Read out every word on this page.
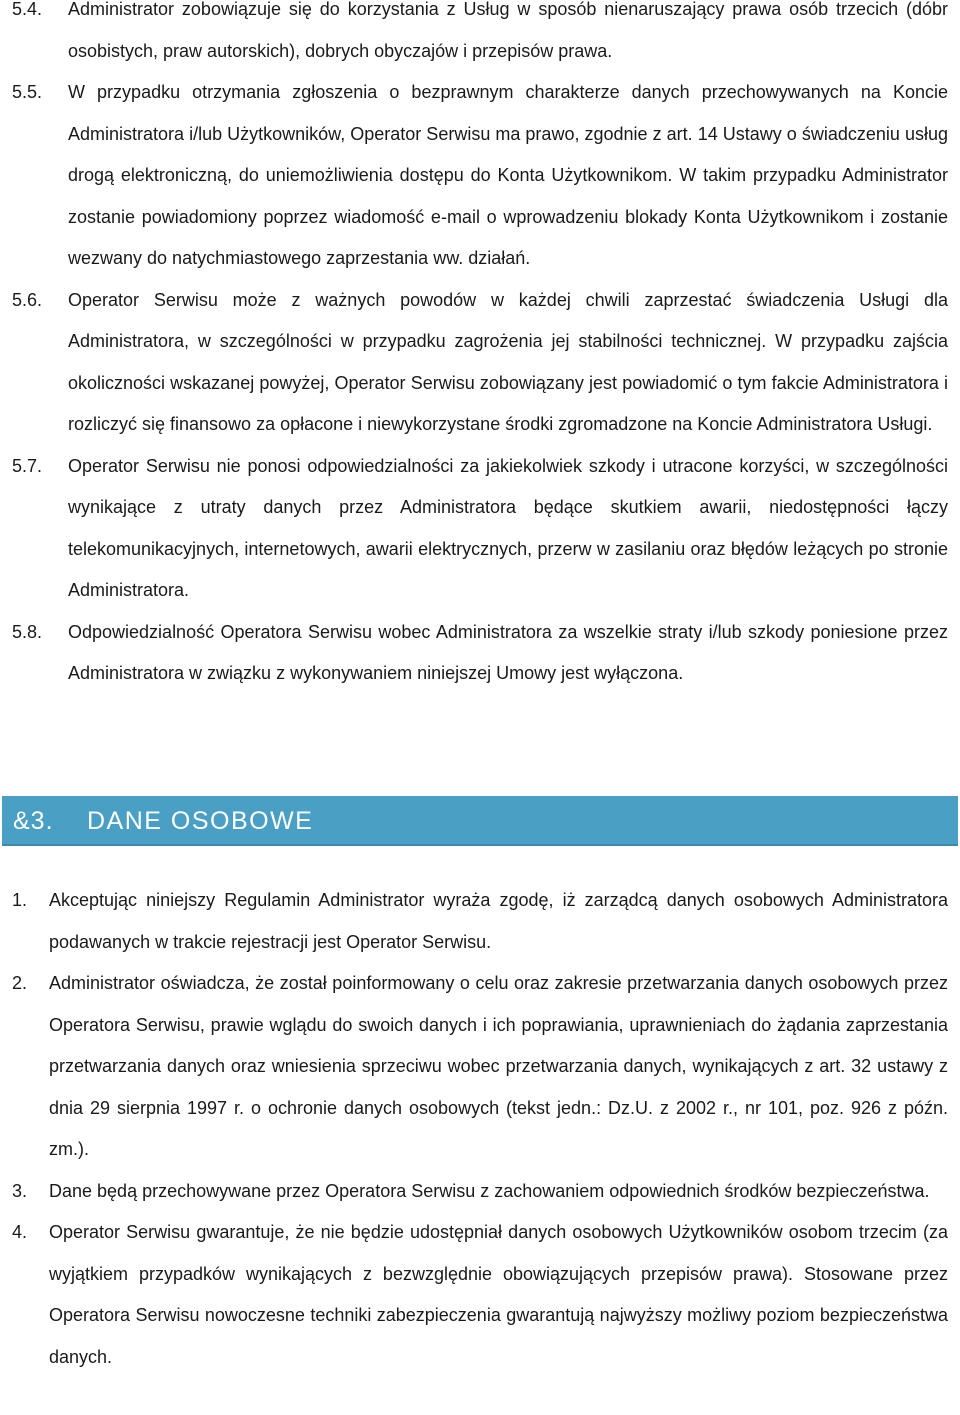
5.4. Administrator zobowiązuje się do korzystania z Usług w sposób nienaruszający prawa osób trzecich (dóbr osobistych, praw autorskich), dobrych obyczajów i przepisów prawa.
5.5. W przypadku otrzymania zgłoszenia o bezprawnym charakterze danych przechowywanych na Koncie Administratora i/lub Użytkowników, Operator Serwisu ma prawo, zgodnie z art. 14 Ustawy o świadczeniu usług drogą elektroniczną, do uniemożliwienia dostępu do Konta Użytkownikom. W takim przypadku Administrator zostanie powiadomiony poprzez wiadomość e-mail o wprowadzeniu blokady Konta Użytkownikom i zostanie wezwany do natychmiastowego zaprzestania ww. działań.
5.6. Operator Serwisu może z ważnych powodów w każdej chwili zaprzestać świadczenia Usługi dla Administratora, w szczególności w przypadku zagrożenia jej stabilności technicznej. W przypadku zajścia okoliczności wskazanej powyżej, Operator Serwisu zobowiązany jest powiadomić o tym fakcie Administratora i rozliczyć się finansowo za opłacone i niewykorzystane środki zgromadzone na Koncie Administratora Usługi.
5.7. Operator Serwisu nie ponosi odpowiedzialności za jakiekolwiek szkody i utracone korzyści, w szczególności wynikające z utraty danych przez Administratora będące skutkiem awarii, niedostępności łączy telekomunikacyjnych, internetowych, awarii elektrycznych, przerw w zasilaniu oraz błędów leżących po stronie Administratora.
5.8. Odpowiedzialność Operatora Serwisu wobec Administratora za wszelkie straty i/lub szkody poniesione przez Administratora w związku z wykonywaniem niniejszej Umowy jest wyłączona.
&3. DANE OSOBOWE
1. Akceptując niniejszy Regulamin Administrator wyraża zgodę, iż zarządcą danych osobowych Administratora podawanych w trakcie rejestracji jest Operator Serwisu.
2. Administrator oświadcza, że został poinformowany o celu oraz zakresie przetwarzania danych osobowych przez Operatora Serwisu, prawie wglądu do swoich danych i ich poprawiania, uprawnieniach do żądania zaprzestania przetwarzania danych oraz wniesienia sprzeciwu wobec przetwarzania danych, wynikających z art. 32 ustawy z dnia 29 sierpnia 1997 r. o ochronie danych osobowych (tekst jedn.: Dz.U. z 2002 r., nr 101, poz. 926 z późn. zm.).
3. Dane będą przechowywane przez Operatora Serwisu z zachowaniem odpowiednich środków bezpieczeństwa.
4. Operator Serwisu gwarantuje, że nie będzie udostępniał danych osobowych Użytkowników osobom trzecim (za wyjątkiem przypadków wynikających z bezwzględnie obowiązujących przepisów prawa). Stosowane przez Operatora Serwisu nowoczesne techniki zabezpieczenia gwarantują najwyższy możliwy poziom bezpieczeństwa danych.
